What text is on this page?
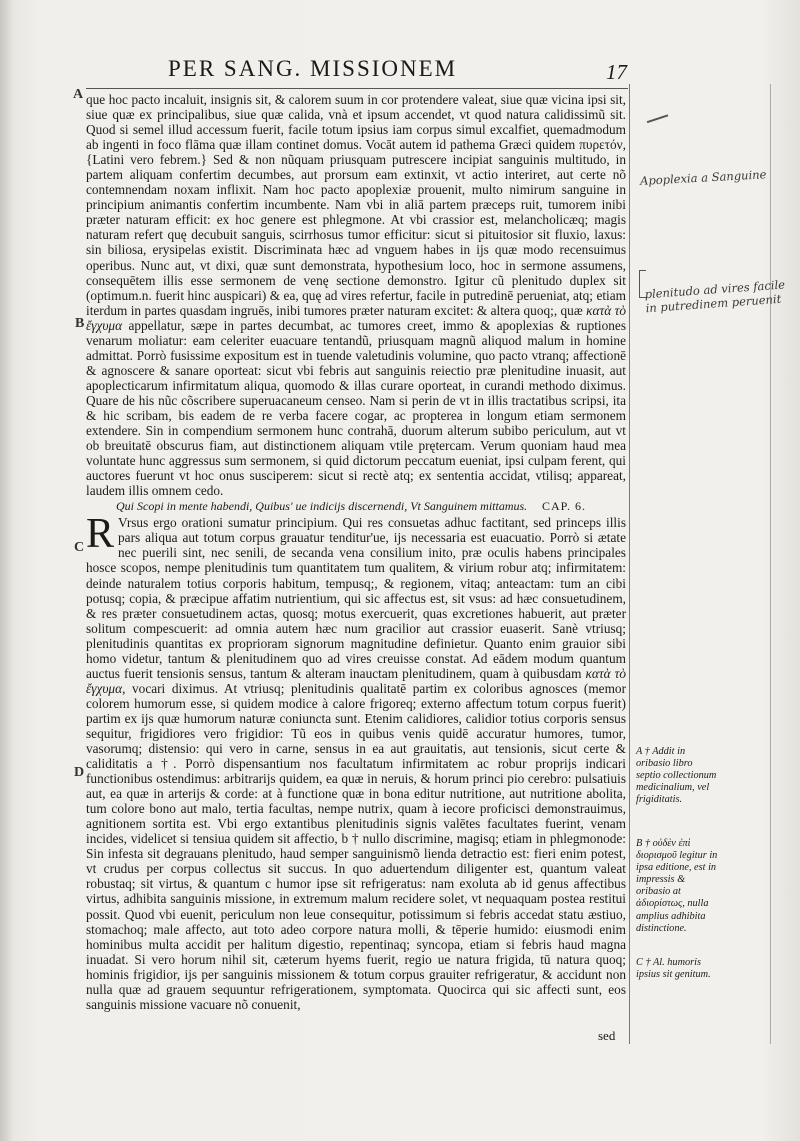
PER SANG. MISSIONEM	17
A
B
C
D

que hoc pacto incaluit, insignis sit, & calorem suum in cor protendere valeat, siue quæ vicina ipsi sit, siue quæ ex principalibus, siue quæ calida, vnà et ipsum accendet, vt quod natura calidissimũ sit. Quod si semel illud accessum fuerit, facile totum ipsius iam corpus simul excalfiet, quemadmodum ab ingenti in foco flāma quæ illam continet domus. Vocāt autem id pathema Græci quidem πυρετόν, {Latini vero febrem.} Sed & non nũquam priusquam putrescere incipiat sanguinis multitudo, in partem aliquam confertim decumbes, aut prorsum eam extinxit, vt actio interiret, aut certe nõ contemnendam noxam inflixit. Nam hoc pacto apoplexiæ prouenit, multo nimirum sanguine in principium animantis confertim incumbente. Nam vbi in aliā partem præceps ruit, tumorem inibi præter naturam efficit: ex hoc genere est phlegmone. At vbi crassior est, melancholicæq; magis naturam refert quę decubuit sanguis, scirrhosus tumor efficitur: sicut si pituitosior sit fluxio, laxus: sin biliosa, erysipelas existit. Discriminata hæc ad vnguem habes in ijs quæ modo recensuimus operibus. Nunc aut, vt dixi, quæ sunt demonstrata, hypothesium loco, hoc in sermone assumens, consequētem illis esse sermonem de venę sectione demonstro. Igitur cũ plenitudo duplex sit (optimum.n. fuerit hinc auspicari) & ea, quę ad vires refertur, facile in putredinē perueniat, atq; etiam iterdum in partes quasdam ingruēs, inibi tumores præter naturam excitet: & altera quoq;, quæ κατὰ τὸ ἔγχυμα appellatur, sæpe in partes decumbat, ac tumores creet, immo & apoplexias & ruptiones venarum moliatur: eam celeriter euacuare tentandũ, priusquam magnũ aliquod malum in homine admittat. Porrò fusissime expositum est in tuende valetudinis volumine, quo pacto vtranq; affectionē & agnoscere & sanare oporteat: sicut vbi febris aut sanguinis reiectio præ plenitudine inuasit, aut apoplecticarum infirmitatum aliqua, quomodo & illas curare oporteat, in curandi methodo diximus. Quare de his nũc cõscribere superuacaneum censeo. Nam si perin de vt in illis tractatibus scripsi, ita & hic scribam, bis eadem de re verba facere cogar, ac propterea in longum etiam sermonem extendere. Sin in compendium sermonem hunc contrahā, duorum alterum subibo periculum, aut vt ob breuitatē obscurus fiam, aut distinctionem aliquam vtile prętercam. Verum quoniam haud mea voluntate hunc aggressus sum sermonem, si quid dictorum peccatum eueniat, ipsi culpam ferent, qui auctores fuerunt vt hoc onus susciperem: sicut si rectè atq; ex sententia accidat, vtilisq; appareat, laudem illis omnem cedo.

Qui Scopi in mente habendi, Quibus' ue indicijs discernendi, Vt Sanguinem mittamus. CAP. 6.

R Vrsus ergo orationi sumatur principium. Qui res consuetas adhuc factitant, sed princeps illis pars aliqua aut totum corpus grauatur tenditur'ue, ijs necessaria est euacuatio. Porrò si ætate nec puerili sint, nec senili, de secanda vena consilium inito, præ oculis habens principales hosce scopos, nempe plenitudinis tum quantitatem tum qualitem, & virium robur atq; infirmitatem: deinde naturalem totius corporis habitum, tempusq;, & regionem, vitaq; anteactam: tum an cibi potusq; copia, & præcipue affatim nutrientium, qui sic affectus est, sit vsus: ad hæc consuetudinem, & res præter consuetudinem actas, quosq; motus exercuerit, quas excretiones habuerit, aut præter solitum compescuerit: ad omnia autem hæc num gracilior aut crassior euaserit. Sanè vtriusq; plenitudinis quantitas ex proprioram signorum magnitudine definietur. Quanto enim grauior sibi homo videtur, tantum & plenitudinem quo ad vires creuisse constat. Ad eādem modum quantum auctus fuerit tensionis sensus, tantum & alteram inauctam plenitudinem, quam à quibusdam κατὰ τὸ ἔγχυμα, vocari diximus. At vtriusq; plenitudinis qualitatē partim ex coloribus agnosces (memor colorem humorum esse, si quidem modice à calore frigoreq; externo affectum totum corpus fuerit) partim ex ijs quæ humorum naturæ coniuncta sunt. Etenim calidiores, calidior totius corporis sensus sequitur, frigidiores vero frigidior: Tũ eos in quibus venis quidē accuratur humores, tumor, vasorumq; distensio: qui vero in carne, sensus in ea aut grauitatis, aut tensionis, sicut certe & caliditatis a †. Porrò dispensantium nos facultatum infirmitatem ac robur proprijs indicari functionibus ostendimus: arbitrarijs quidem, ea quæ in neruis, & horum princi pio cerebro: pulsatiuis aut, ea quæ in arterijs & corde: at à functione quæ in bona editur nutritione, aut nutritione abolita, tum colore bono aut malo, tertia facultas, nempe nutrix, quam à iecore proficisci demonstrauimus, agnitionem sortita est. Vbi ergo extantibus plenitudinis signis valētes facultates fuerint, venam incides, videlicet si tensiua quidem sit affectio, b † nullo discrimine, magisq; etiam in phlegmonode: Sin infesta sit degrauans plenitudo, haud semper sanguinismõ lienda detractio est: fieri enim potest, vt crudus per corpus collectus sit succus. In quo aduertendum diligenter est, quantum valeat robustaq; sit virtus, & quantum c humor ipse sit refrigeratus: nam exoluta ab id genus affectibus virtus, adhibita sanguinis missione, in extremum malum recidere solet, vt nequaquam postea restitui possit. Quod vbi euenit, periculum non leue consequitur, potissimum si febris accedat statu æstiuo, stomachoq; male affecto, aut toto adeo corpore natura molli, & tēperie humido: eiusmodi enim hominibus multa accidit per halitum digestio, repentinaq; syncopa, etiam si febris haud magna inuadat. Si vero horum nihil sit, cæterum hyems fuerit, regio ue natura frigida, tū natura quoq; hominis frigidior, ijs per sanguinis missionem & totum corpus grauiter refrigeratur, & accidunt non nulla quæ ad grauem sequuntur refrigerationem, symptomata. Quocirca qui sic affecti sunt, eos sanguinis missione vacuare nõ conuenit,

sed
Apoplexia a Sanguine
plenitudo ad vires facile in putredinem peruenit
A † Addit in oribasio libro septio collectionum medicinalium, vel frigiditatis.
B † οὐδὲν ἐπὶ διορισμοῦ legitur in ipsa editione, est in impressis & oribasio at ἀδιορίστως, nulla amplius adhibita distinctione.
C † Al. humoris ipsius sit genitum.
